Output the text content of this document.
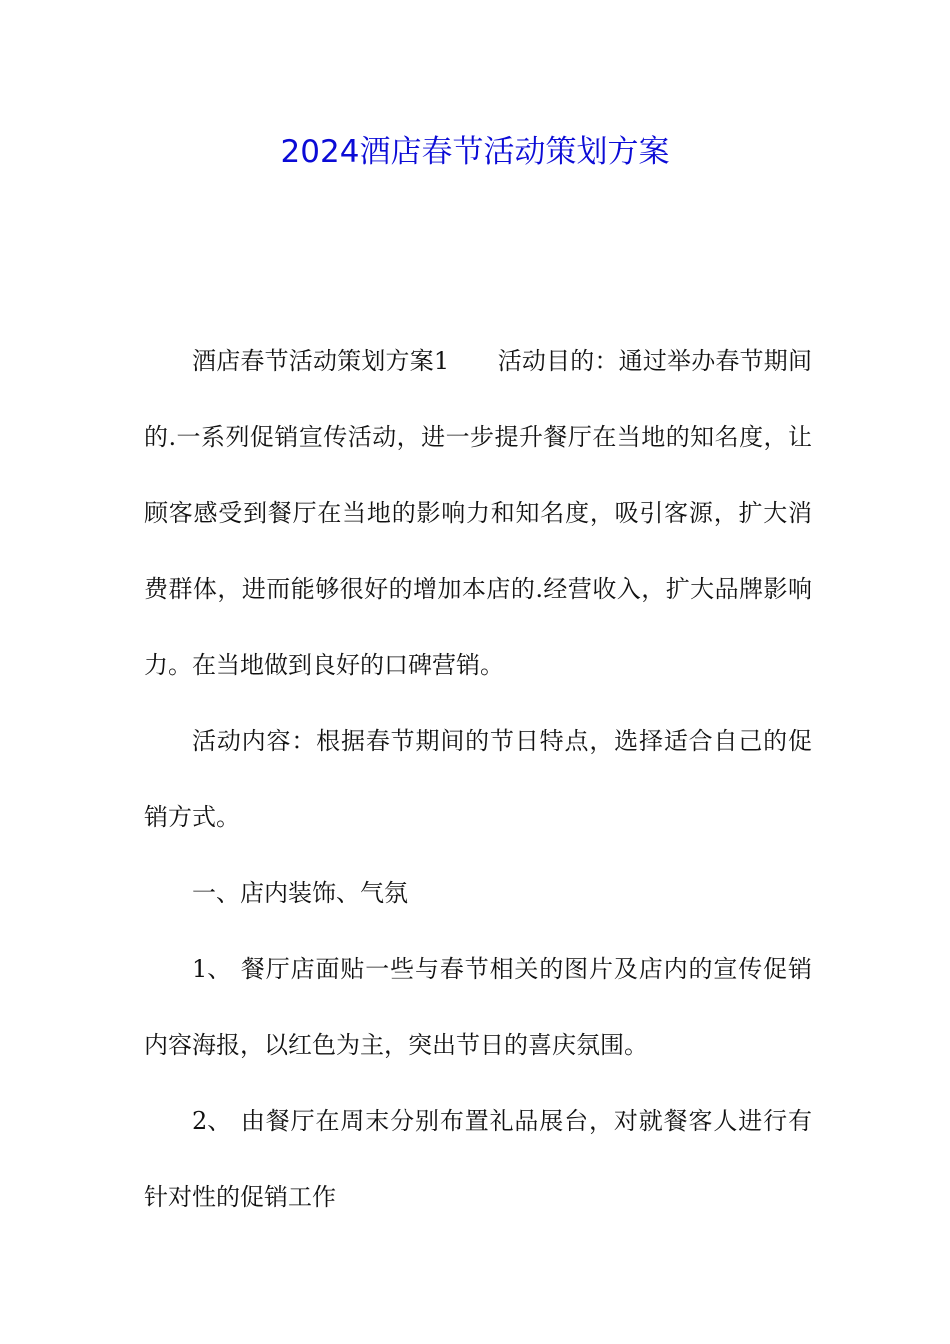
2024酒店春节活动策划方案

酒店春节活动策划方案1　　活动目的：通过举办春节期间的.一系列促销宣传活动，进一步提升餐厅在当地的知名度，让顾客感受到餐厅在当地的影响力和知名度，吸引客源，扩大消费群体，进而能够很好的增加本店的.经营收入，扩大品牌影响力。在当地做到良好的口碑营销。

活动内容：根据春节期间的节日特点，选择适合自己的促销方式。

一、店内装饰、气氛

1、 餐厅店面贴一些与春节相关的图片及店内的宣传促销内容海报，以红色为主，突出节日的喜庆氛围。

2、 由餐厅在周末分别布置礼品展台，对就餐客人进行有针对性的促销工作
